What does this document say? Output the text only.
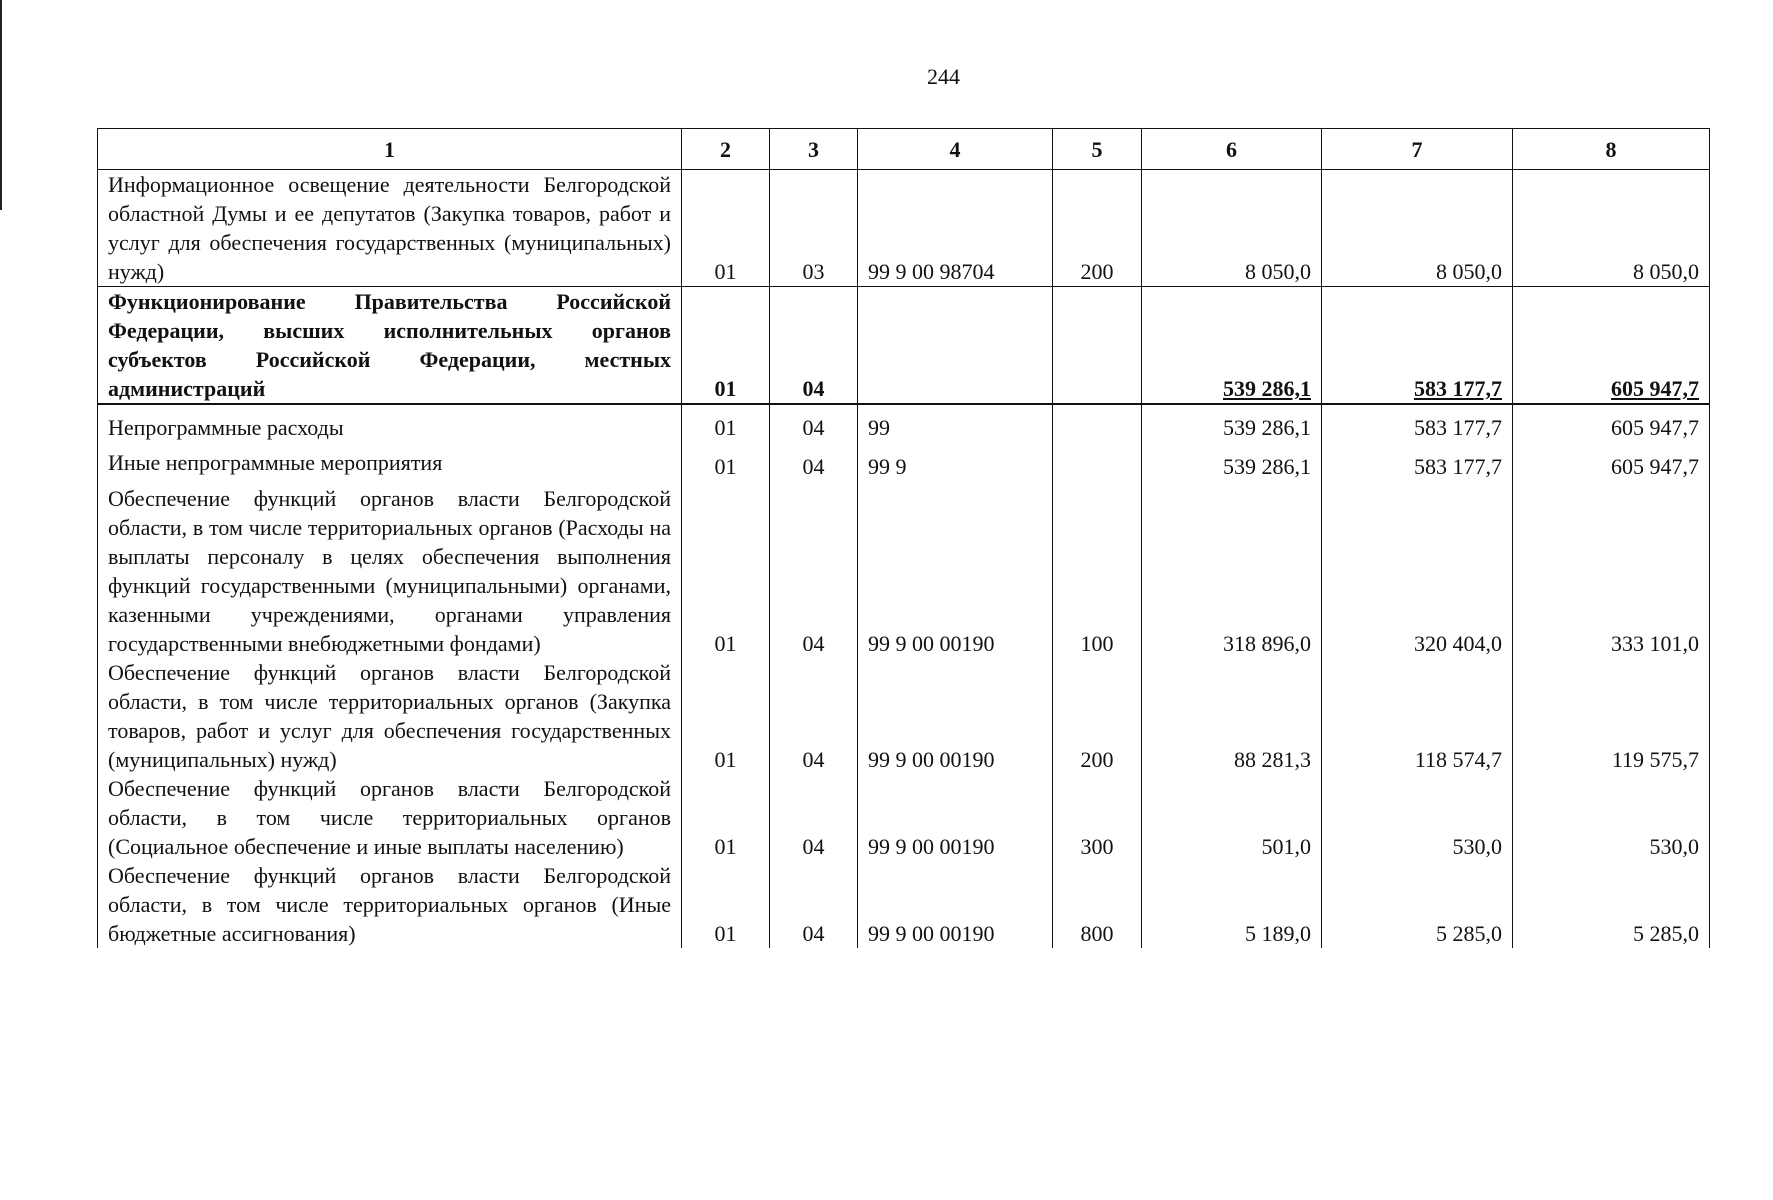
244
1	2	3	4	5	6	7	8
Информационное освещение деятельности Белгородской областной Думы и ее депутатов (Закупка товаров, работ и услуг для обеспечения государственных (муниципальных) нужд)	01	03	99 9 00 98704	200	8 050,0	8 050,0	8 050,0
Функционирование Правительства Российской Федерации, высших исполнительных органов субъектов Российской Федерации, местных администраций	01	04			539 286,1	583 177,7	605 947,7
Непрограммные расходы	01	04	99		539 286,1	583 177,7	605 947,7
Иные непрограммные мероприятия	01	04	99 9		539 286,1	583 177,7	605 947,7
Обеспечение функций органов власти Белгородской области, в том числе территориальных органов (Расходы на выплаты персоналу в целях обеспечения выполнения функций государственными (муниципальными) органами, казенными учреждениями, органами управления государственными внебюджетными фондами)	01	04	99 9 00 00190	100	318 896,0	320 404,0	333 101,0
Обеспечение функций органов власти Белгородской области, в том числе территориальных органов (Закупка товаров, работ и услуг для обеспечения государственных (муниципальных) нужд)	01	04	99 9 00 00190	200	88 281,3	118 574,7	119 575,7
Обеспечение функций органов власти Белгородской области, в том числе территориальных органов (Социальное обеспечение и иные выплаты населению)	01	04	99 9 00 00190	300	501,0	530,0	530,0
Обеспечение функций органов власти Белгородской области, в том числе территориальных органов (Иные бюджетные ассигнования)	01	04	99 9 00 00190	800	5 189,0	5 285,0	5 285,0
